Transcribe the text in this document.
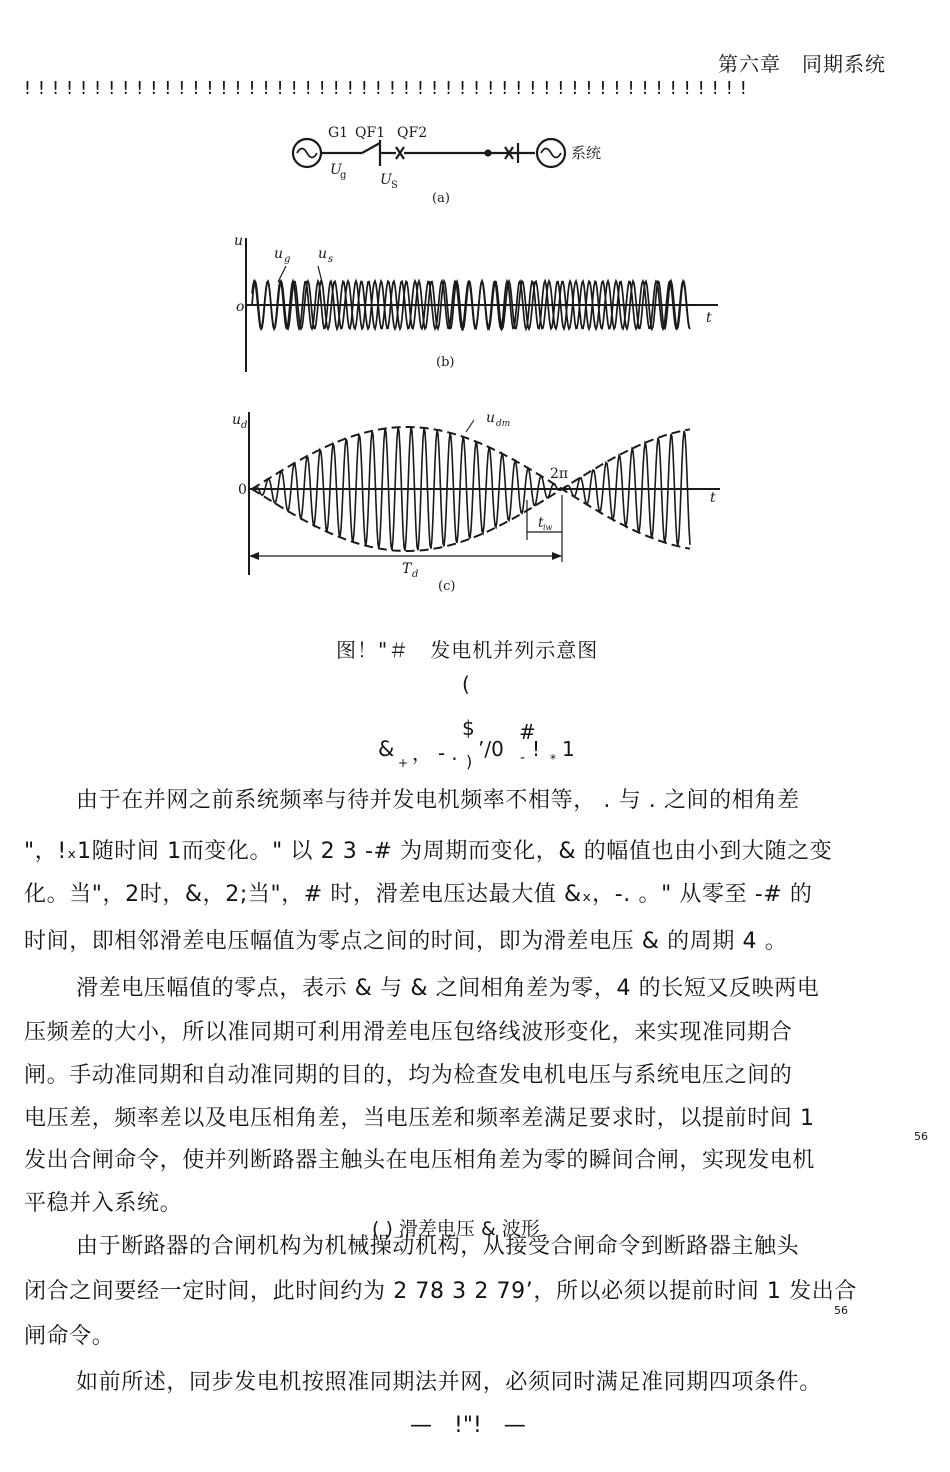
第六章　同期系统
!!!!!!!!!!!!!!!!!!!!!!!!!!!!!!!!!!!!!!!!!!!!!!!!!!!!
G1 QF1 QF2
U
g U S
系统
(a)
u
u g u s
o
t
(b)
u d	u dm
2π
0	t
t iw
T d
(c)
图！"＃　发电机并列示意图
(
$ #
&
+ ，-. )
’/0 !
- * 1
由于在并网之前系统频率与待并发电机频率不相等， . 与 . 之间的相角差
"，!ₓ1随时间 1而变化。" 以 2 3 -# 为周期而变化，& 的幅值也由小到大随之变
化。当"，2时，&，2;当"，# 时，滑差电压达最大值 &ₓ，-. 。" 从零至 -# 的
时间，即相邻滑差电压幅值为零点之间的时间，即为滑差电压 & 的周期 4 。
滑差电压幅值的零点，表示 & 与 & 之间相角差为零，4 的长短又反映两电
压频差的大小，所以准同期可利用滑差电压包络线波形变化，来实现准同期合
闸。手动准同期和自动准同期的目的，均为检查发电机电压与系统电压之间的
电压差，频率差以及电压相角差，当电压差和频率差满足要求时，以提前时间 1
56
发出合闸命令，使并列断路器主触头在电压相角差为零的瞬间合闸，实现发电机
平稳并入系统。
( ) 滑差电压 & 波形
由于断路器的合闸机构为机械操动机构，从接受合闸命令到断路器主触头
闭合之间要经一定时间，此时间约为 2 78 3 2 79’，所以必须以提前时间 1 发出合
56
闸命令。
如前所述，同步发电机按照准同期法并网，必须同时满足准同期四项条件。
—　!"!　—
